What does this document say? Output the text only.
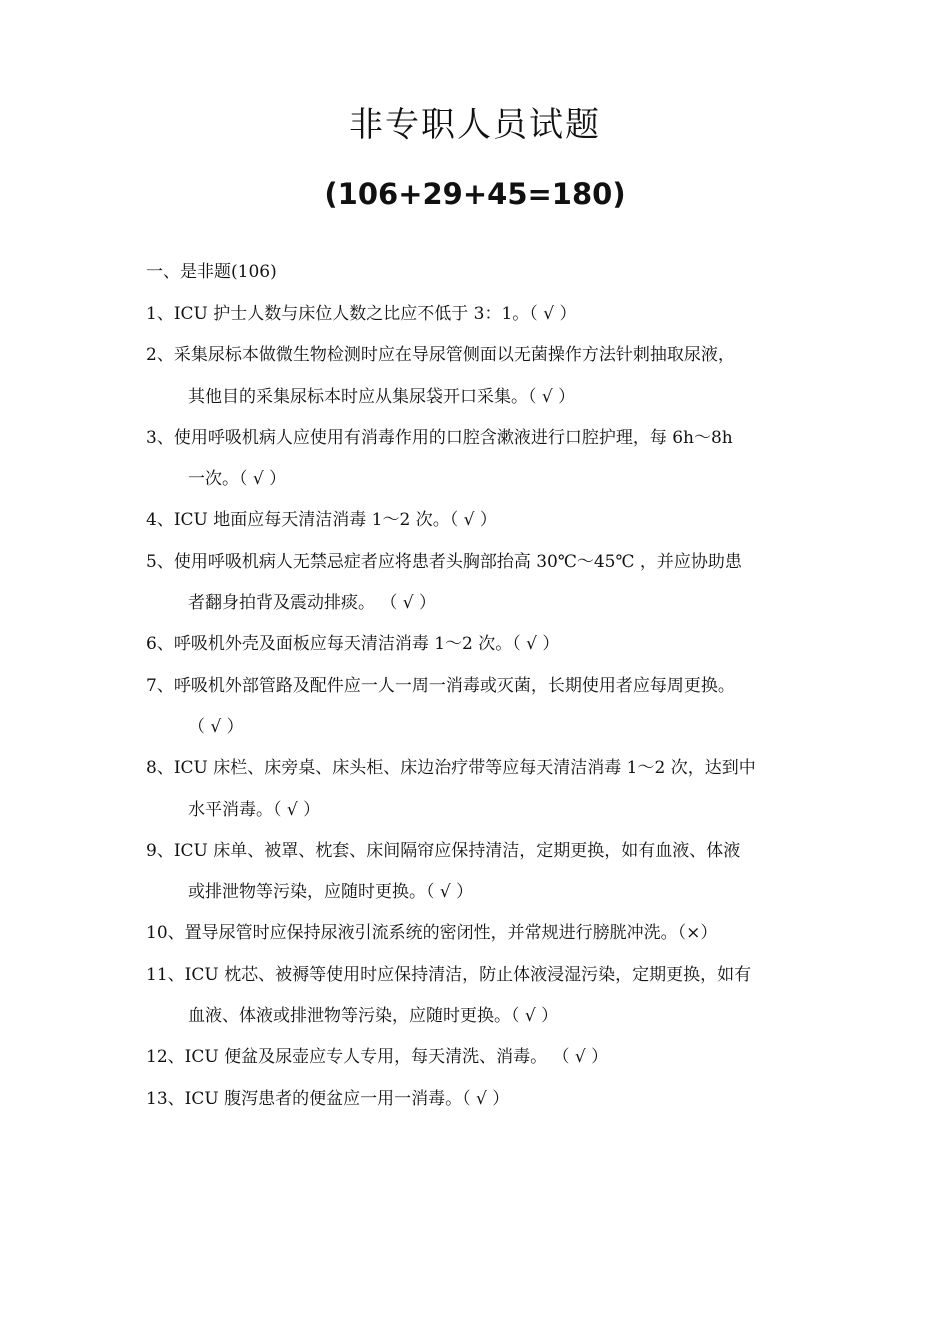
非专职人员试题
(106+29+45=180)
一、是非题(106)
1、ICU 护士人数与床位人数之比应不低于 3：1。（ √ ）
2、采集尿标本做微生物检测时应在导尿管侧面以无菌操作方法针刺抽取尿液，
其他目的采集尿标本时应从集尿袋开口采集。（ √ ）
3、使用呼吸机病人应使用有消毒作用的口腔含漱液进行口腔护理，每 6h～8h
一次。（ √ ）
4、ICU 地面应每天清洁消毒 1～2 次。（ √ ）
5、使用呼吸机病人无禁忌症者应将患者头胸部抬高 30℃～45℃ ，并应协助患
者翻身拍背及震动排痰。 （ √ ）
6、呼吸机外壳及面板应每天清洁消毒 1～2 次。（ √ ）
7、呼吸机外部管路及配件应一人一周一消毒或灭菌，长期使用者应每周更换。
（ √ ）
8、ICU 床栏、床旁桌、床头柜、床边治疗带等应每天清洁消毒 1～2 次，达到中
水平消毒。（ √ ）
9、ICU 床单、被罩、枕套、床间隔帘应保持清洁，定期更换，如有血液、体液
或排泄物等污染，应随时更换。（ √ ）
10、置导尿管时应保持尿液引流系统的密闭性，并常规进行膀胱冲洗。（×）
11、ICU 枕芯、被褥等使用时应保持清洁，防止体液浸湿污染，定期更换，如有
血液、体液或排泄物等污染，应随时更换。（ √ ）
12、ICU 便盆及尿壶应专人专用，每天清洗、消毒。 （ √ ）
13、ICU 腹泻患者的便盆应一用一消毒。（ √ ）
